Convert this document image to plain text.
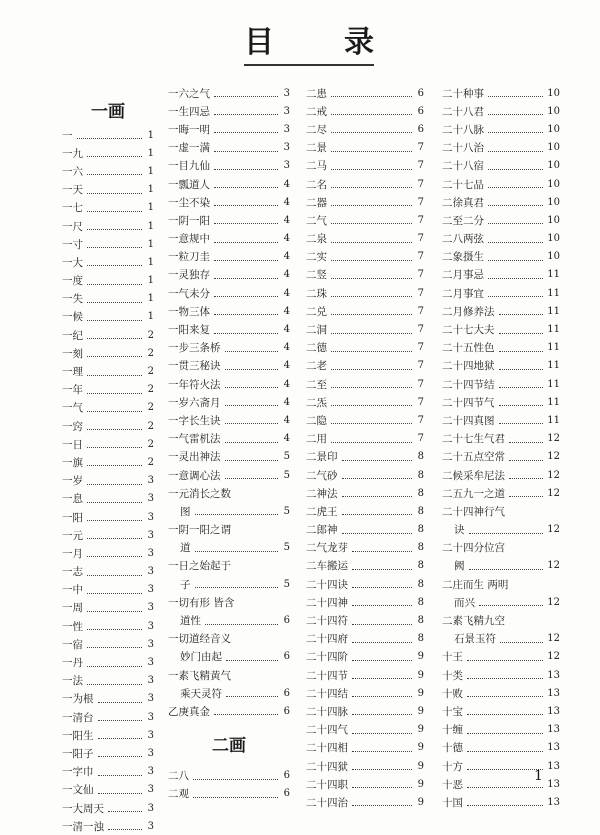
目 录
一画
一	1
一九	1
一六	1
一天	1
一七	1
一尺	1
一寸	1
一大	1
一度	1
一失	1
一候	1
一纪	2
一刻	2
一理	2
一年	2
一气	2
一窍	2
一日	2
一旗	2
一岁	3
一息	3
一阳	3
一元	3
一月	3
一志	3
一中	3
一周	3
一性	3
一宿	3
一丹	3
一法	3
一为根	3
一清台	3
一阳生	3
一阳子	3
一字巾	3
一文仙	3
一大周天	3
一清一浊	3
一六之气	3
一生四忌	3
一晦一明	3
一虚一满	3
一目九仙	3
一瓢道人	4
一尘不染	4
一阴一阳	4
一意规中	4
一粒刀圭	4
一灵独存	4
一气未分	4
一物三体	4
一阳来复	4
一步三条桥	4
一贯三秘诀	4
一年符火法	4
一岁六斋月	4
一字长生诀	4
一气雷机法	4
一灵出神法	5
一意调心法	5
一元消长之数
图	5
一阴一阳之谓
道	5
一日之始起于
子	5
一切有形 皆含
道性	6
一切道经音义
妙门由起	6
一素飞精黄气
乘天灵符	6
乙庚真金	6
二画
二八	6
二观	6
二患	6
二戒	6
二尽	6
二景	7
二马	7
二名	7
二器	7
二气	7
二泉	7
二实	7
二竖	7
二珠	7
二兑	7
二洞	7
二德	7
二老	7
二至	7
二炁	7
二隐	7
二用	7
二景印	8
二气砂	8
二神法	8
二虎王	8
二郎神	8
二气龙芽	8
二车搬运	8
二十四诀	8
二十四神	8
二十四符	8
二十四府	8
二十四阶	9
二十四节	9
二十四结	9
二十四脉	9
二十四气	9
二十四相	9
二十四狱	9
二十四职	9
二十四治	9
二十种事	10
二十八君	10
二十八脉	10
二十八治	10
二十八宿	10
二十七品	10
二徐真君	10
二至二分	10
二八两弦	10
二象摄生	10
二月事忌	11
二月事宜	11
二月修养法	11
二十七大夫	11
二十五性色	11
二十四地狱	11
二十四节结	11
二十四节气	11
二十四真图	11
二十七生气君	12
二十五点空常	12
二候采牟尼法	12
二五九一之道	12
二十四神行气
诀	12
二十四分位宫
阙	12
二庄而生 两明
而兴	12
二素飞精九空
石景玉符	12
十王	12
十类	13
十败	13
十宝	13
十缠	13
十德	13
十方	13
十恶	13
十国	13
1
